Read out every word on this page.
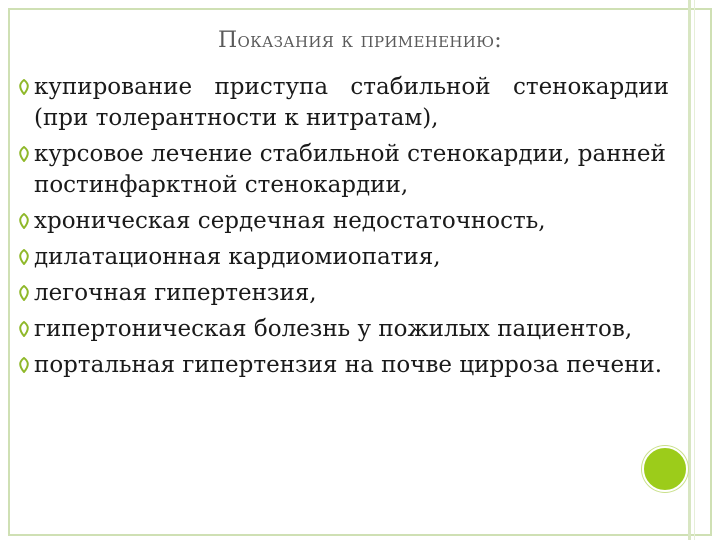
Показания к применению:
купирование приступа стабильной стенокардии (при толерантности к нитратам),
курсовое лечение стабильной стенокардии, ранней постинфарктной стенокардии,
хроническая сердечная недостаточность,
дилатационная кардиомиопатия,
легочная гипертензия,
гипертоническая болезнь у пожилых пациентов,
портальная гипертензия на почве цирроза печени.
